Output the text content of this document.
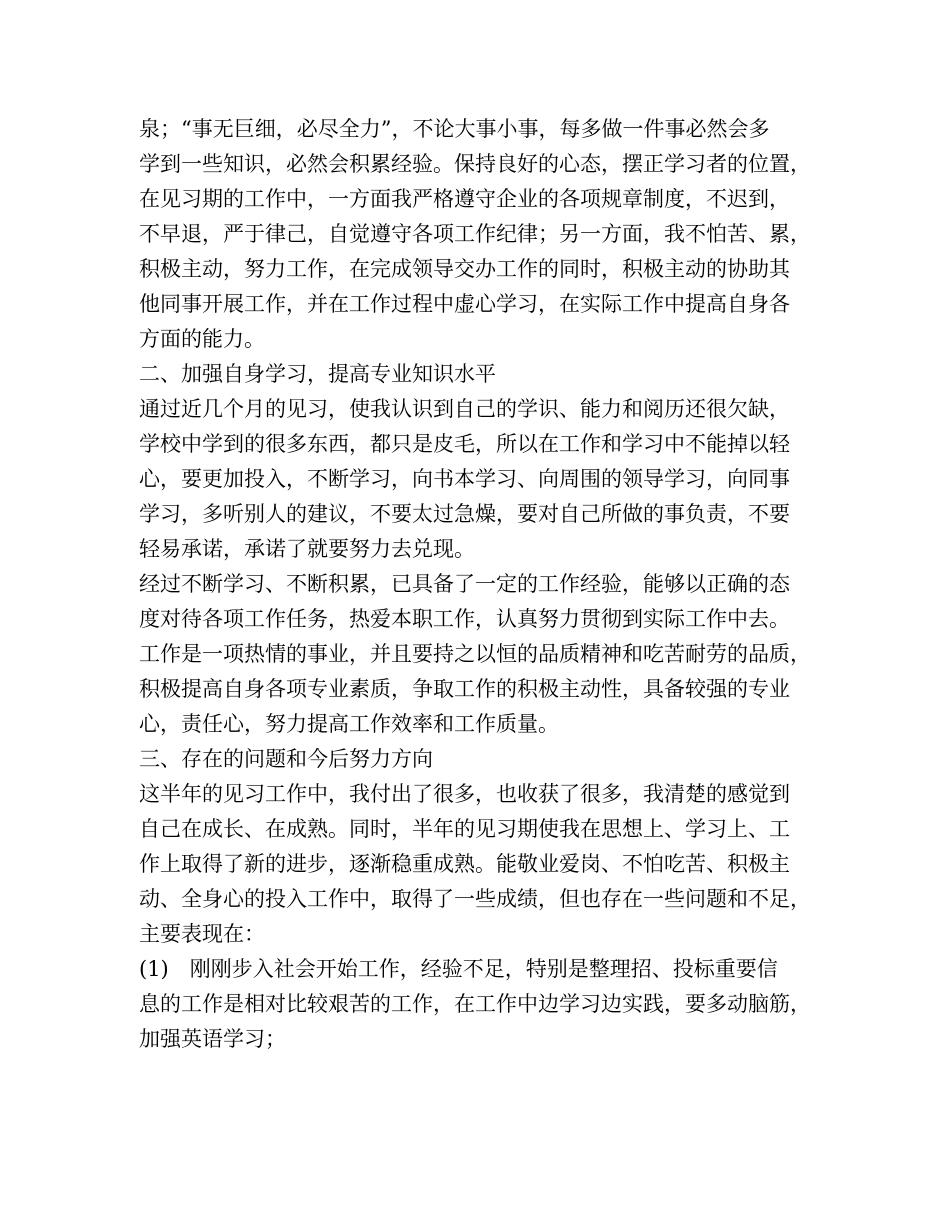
泉；“事无巨细，必尽全力”，不论大事小事，每多做一件事必然会多
学到一些知识，必然会积累经验。保持良好的心态，摆正学习者的位置，
在见习期的工作中，一方面我严格遵守企业的各项规章制度，不迟到，
不早退，严于律己，自觉遵守各项工作纪律；另一方面，我不怕苦、累，
积极主动，努力工作，在完成领导交办工作的同时，积极主动的协助其
他同事开展工作，并在工作过程中虚心学习，在实际工作中提高自身各
方面的能力。
二、加强自身学习，提高专业知识水平
通过近几个月的见习，使我认识到自己的学识、能力和阅历还很欠缺，
学校中学到的很多东西，都只是皮毛，所以在工作和学习中不能掉以轻
心，要更加投入，不断学习，向书本学习、向周围的领导学习，向同事
学习，多听别人的建议，不要太过急燥，要对自己所做的事负责，不要
轻易承诺，承诺了就要努力去兑现。
经过不断学习、不断积累，已具备了一定的工作经验，能够以正确的态
度对待各项工作任务，热爱本职工作，认真努力贯彻到实际工作中去。
工作是一项热情的事业，并且要持之以恒的品质精神和吃苦耐劳的品质，
积极提高自身各项专业素质，争取工作的积极主动性，具备较强的专业
心，责任心，努力提高工作效率和工作质量。
三、存在的问题和今后努力方向
这半年的见习工作中，我付出了很多，也收获了很多，我清楚的感觉到
自己在成长、在成熟。同时，半年的见习期使我在思想上、学习上、工
作上取得了新的进步，逐渐稳重成熟。能敬业爱岗、不怕吃苦、积极主
动、全身心的投入工作中，取得了一些成绩，但也存在一些问题和不足，
主要表现在：
(1)　刚刚步入社会开始工作，经验不足，特别是整理招、投标重要信
息的工作是相对比较艰苦的工作，在工作中边学习边实践，要多动脑筋，
加强英语学习；
